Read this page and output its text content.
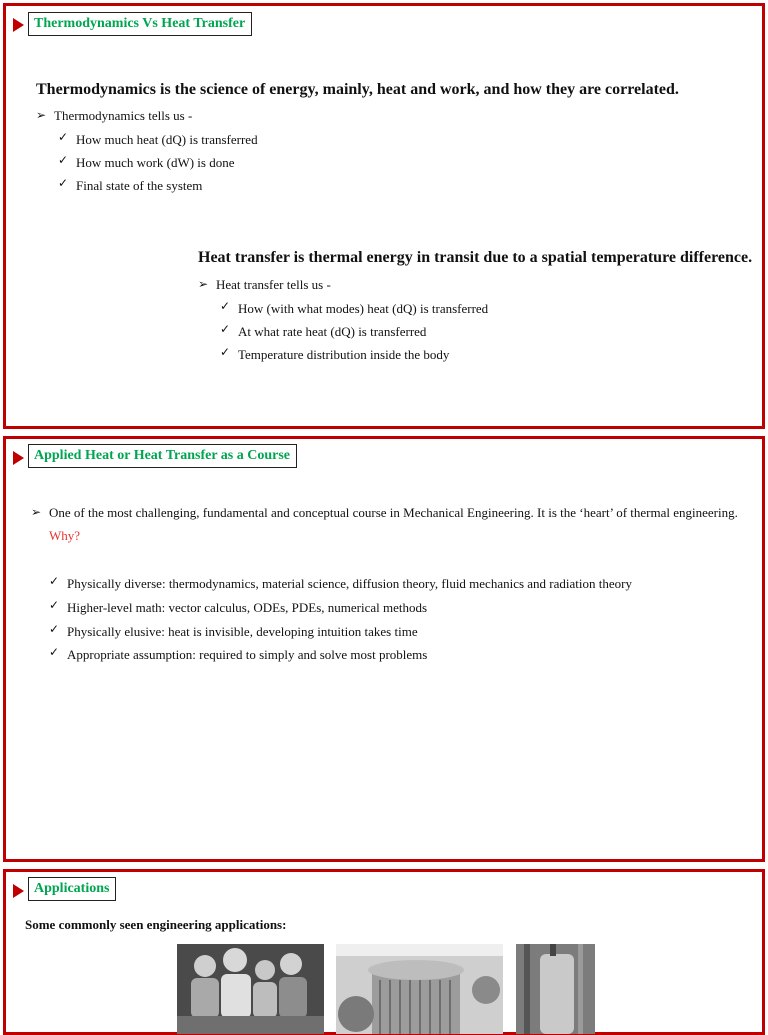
Thermodynamics Vs Heat Transfer
Thermodynamics is the science of energy, mainly, heat and work, and how they are correlated.
➢ Thermodynamics tells us -
✓ How much heat (dQ) is transferred
✓ How much work (dW) is done
✓ Final state of the system
Heat transfer is thermal energy in transit due to a spatial temperature difference.
➢ Heat transfer tells us -
✓ How (with what modes) heat (dQ) is transferred
✓ At what rate heat (dQ) is transferred
✓ Temperature distribution inside the body
Applied Heat or Heat Transfer as a Course
➢ One of the most challenging, fundamental and conceptual course in Mechanical Engineering. It is the ‘heart’ of thermal engineering.
Why?
✓ Physically diverse: thermodynamics, material science, diffusion theory, fluid mechanics and radiation theory
✓ Higher-level math: vector calculus, ODEs, PDEs, numerical methods
✓ Physically elusive: heat is invisible, developing intuition takes time
✓ Appropriate assumption: required to simply and solve most problems
Applications
Some commonly seen engineering applications:
